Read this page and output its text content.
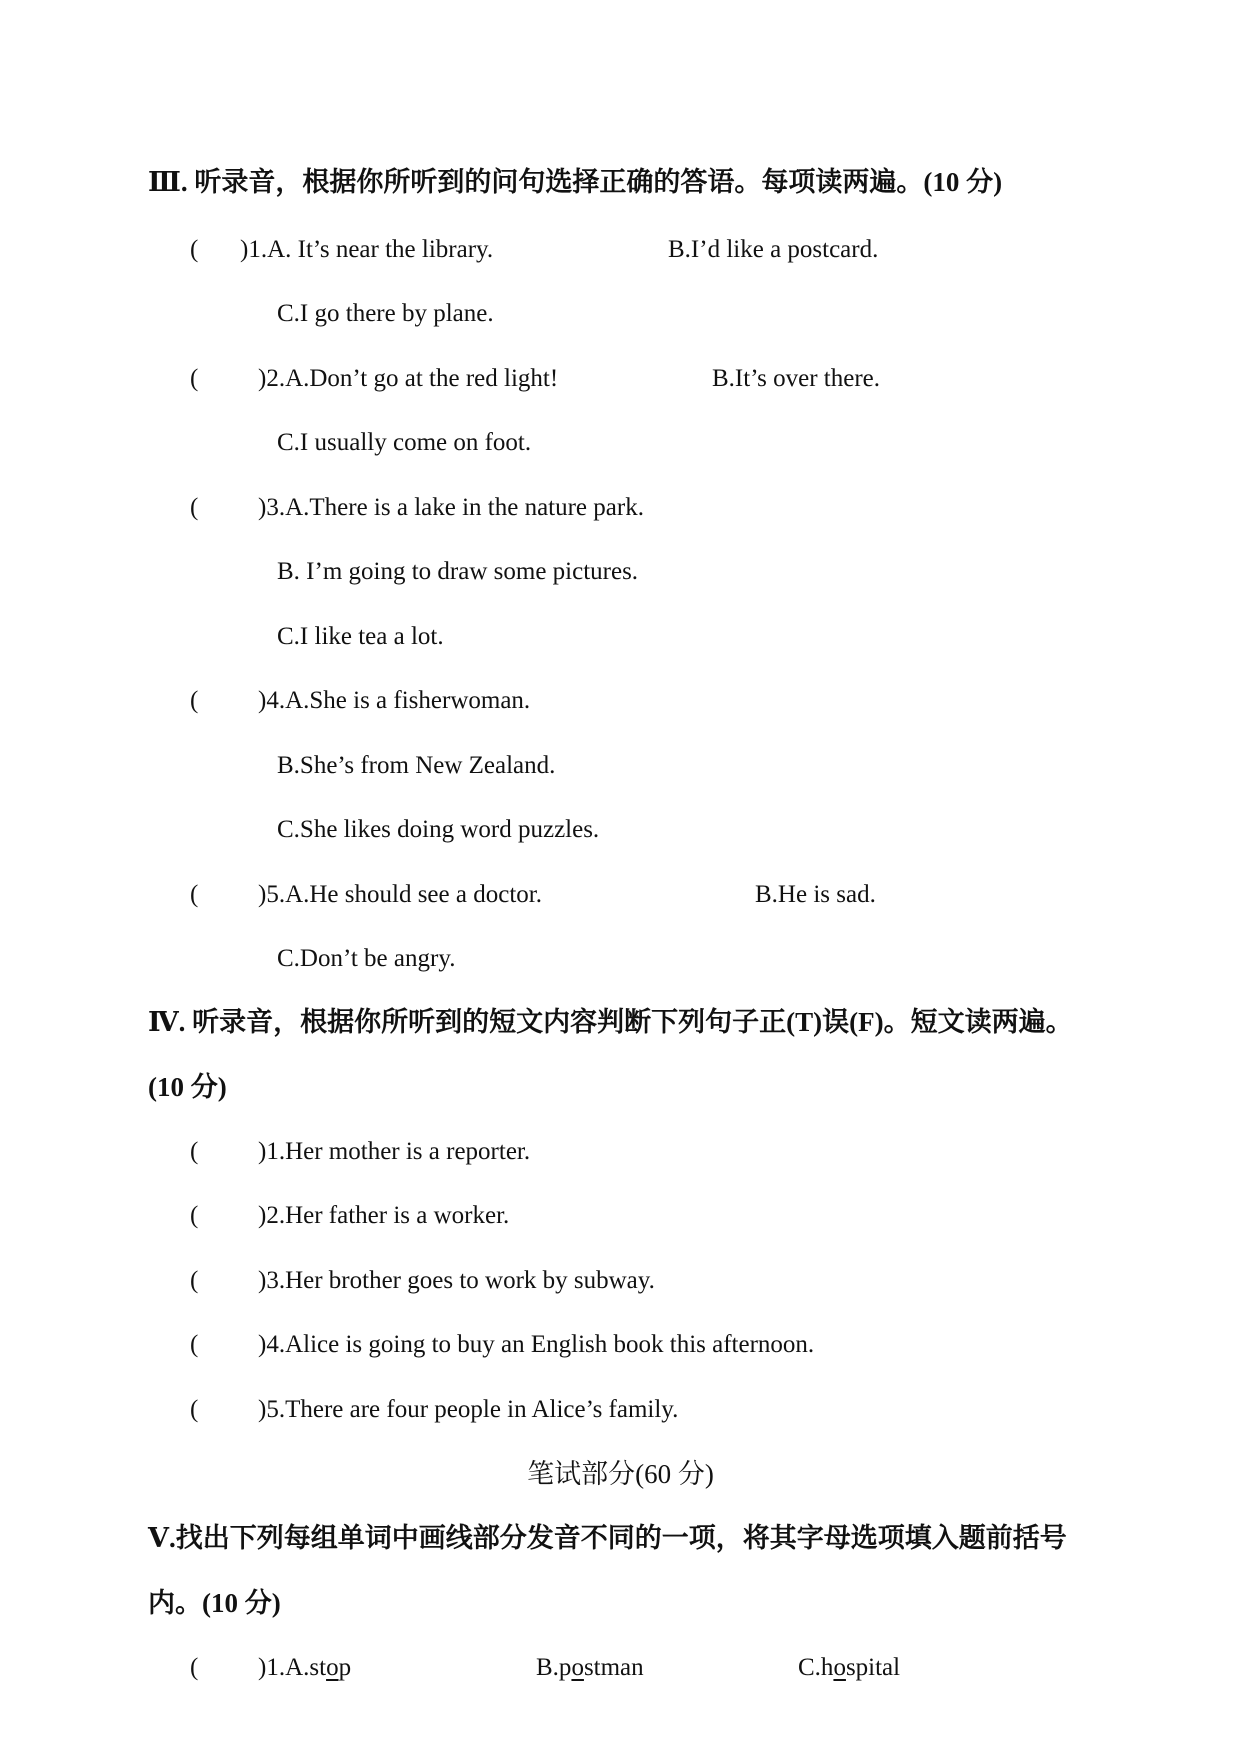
Ⅲ. 听录音，根据你所听到的问句选择正确的答语。每项读两遍。(10 分)
( )1.A. It’s near the library.	B.I’d like a postcard.
C.I go there by plane.
( )2.A.Don’t go at the red light!	B.It’s over there.
C.I usually come on foot.
( )3.A.There is a lake in the nature park.
B. I’m going to draw some pictures.
C.I like tea a lot.
( )4.A.She is a fisherwoman.
B.She’s from New Zealand.
C.She likes doing word puzzles.
( )5.A.He should see a doctor.	B.He is sad.
C.Don’t be angry.
Ⅳ. 听录音，根据你所听到的短文内容判断下列句子正(T)误(F)。短文读两遍。
(10 分)
( )1.Her mother is a reporter.
( )2.Her father is a worker.
( )3.Her brother goes to work by subway.
( )4.Alice is going to buy an English book this afternoon.
( )5.There are four people in Alice’s family.
笔试部分(60 分)
Ⅴ.找出下列每组单词中画线部分发音不同的一项，将其字母选项填入题前括号
内。(10 分)
( )1.A.stop	B.postman	C.hospital
